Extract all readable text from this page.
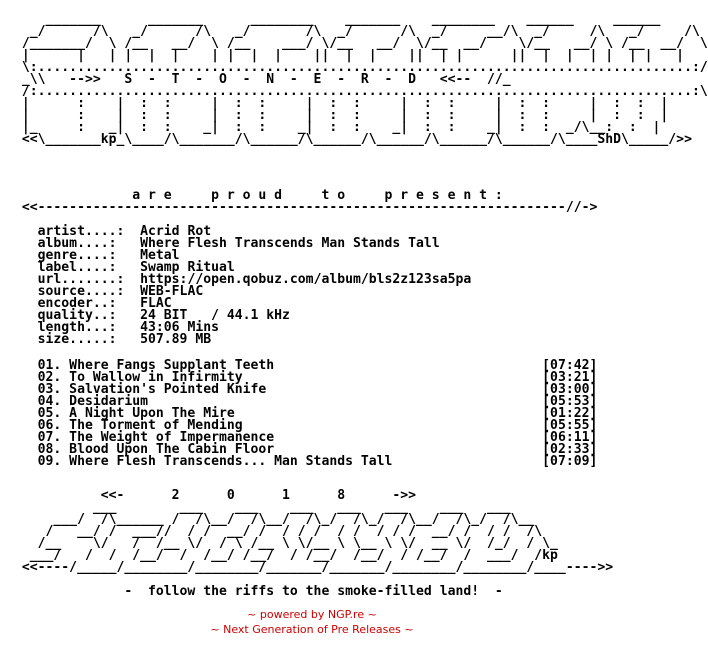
_______      _______      ________    _______    ________    ______     ______
_/      /\   _/      /\   _/       /\  _/      /\  _/     __/\  _/     /\   _/     /\
/_______/  \ /__   __/  \ /__    ___/ \/__   __/  \/__  __/    \/__   __/ \ /__  __/  \
|      |   | |  |  |    | |  |  |    ||  |  |    ||  | |      ||  |  |  | |  | |   |
\:...................................................................................:/
_\\   -->>   S  -  T  -  O  -  N  -  E  -  R  -  D   <<--  //_
/:...................................................................................:\
|      :    |  :  :     |  :  :     |  :  :     |  :  :     |  :  :     |  :  :  |
|      :    |  :  :     |  :  :     |  :  :     |  :  :     |  :  :     |  :  :  |
|_     :   _|  :  :    _|  :  :    _|  :  :    _|  :  :    _|  :  :  _/\__:  :  |
<<\_______kp_\____/\_______/\______/\______/\______/\______/\______/\____ShD\_____/>>
a r e     p r o u d     t o     p r e s e n t :
<<-------------------------------------------------------------------//->

artist....:  Acrid Rot
album....:   Where Flesh Transcends Man Stands Tall
genre....:   Metal
label....:   Swamp Ritual
url.......:  https://open.qobuz.com/album/bls2z123sa5pa
source....:  WEB-FLAC
encoder..:   FLAC
quality..:   24 BIT   / 44.1 kHz
length...:   43:06 Mins
size.....:   507.89 MB
01. Where Fangs Supplant Teeth                                  [07:42]
02. To Wallow in Infirmity                                      [03:21]
03. Salvation's Pointed Knife                                   [03:00]
04. Desidarium                                                  [05:53]
05. A Night Upon The Mire                                       [01:22]
06. The Torment of Mending                                      [05:55]
07. The Weight of Impermanence                                  [06:11]
08. Blood Upon The Cabin Floor                                  [02:33]
09. Where Flesh Transcends... Man Stands Tall                   [07:09]
<<-      2      0      1      8      ->>
___        ___    ___    ___   ___   ___    ___   ___
___/  /\______ /  /\__/  /\__/  /\_/  /\_/  /\__/  /\_/  /\__
/   __/ /  ___//  / /  __/ /  / / /  / /  / / /  __/ /  / /  /\
/__    \/   /  /__ \/  / \ /__ \ \/__ \ \__ \ \/  __ \/  /_/  / \_
___/   /  /  /__/  /  /__/ /__/  / /__/  /__/  / /__/  /  ___/  /kp
<<----/_____/________/________/_______/_______/________/________/____---->>

-  follow the riffs to the smoke-filled land!  -
~ powered by NGP.re ~
~ Next Generation of Pre Releases ~
